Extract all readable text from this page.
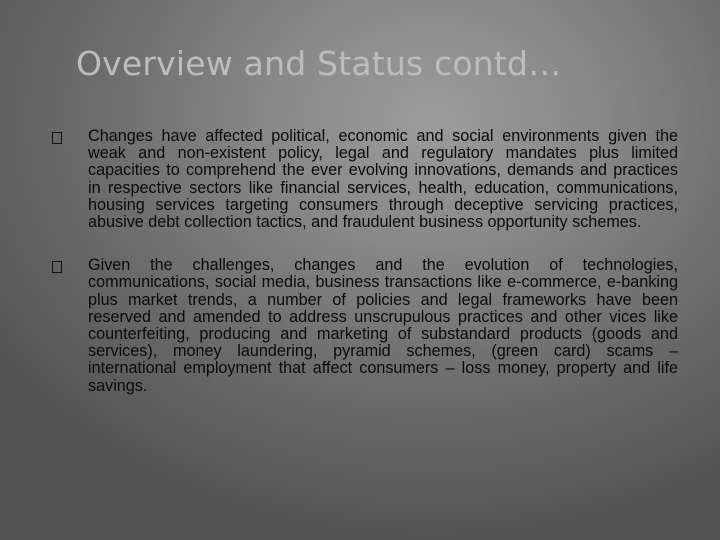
Overview and Status contd…
Changes have affected political, economic and social environments given the weak and non-existent policy, legal and regulatory mandates plus limited capacities to comprehend the ever evolving innovations, demands and practices in respective sectors like financial services, health, education, communications, housing services targeting consumers through deceptive servicing practices, abusive debt collection tactics, and fraudulent business opportunity schemes.
Given the challenges, changes and the evolution of technologies, communications, social media, business transactions like e-commerce, e-banking plus market trends, a number of policies and legal frameworks have been reserved and amended to address unscrupulous practices and other vices like counterfeiting, producing and marketing of substandard products (goods and services), money laundering, pyramid schemes, (green card) scams – international employment that affect consumers – loss money, property and life savings.
